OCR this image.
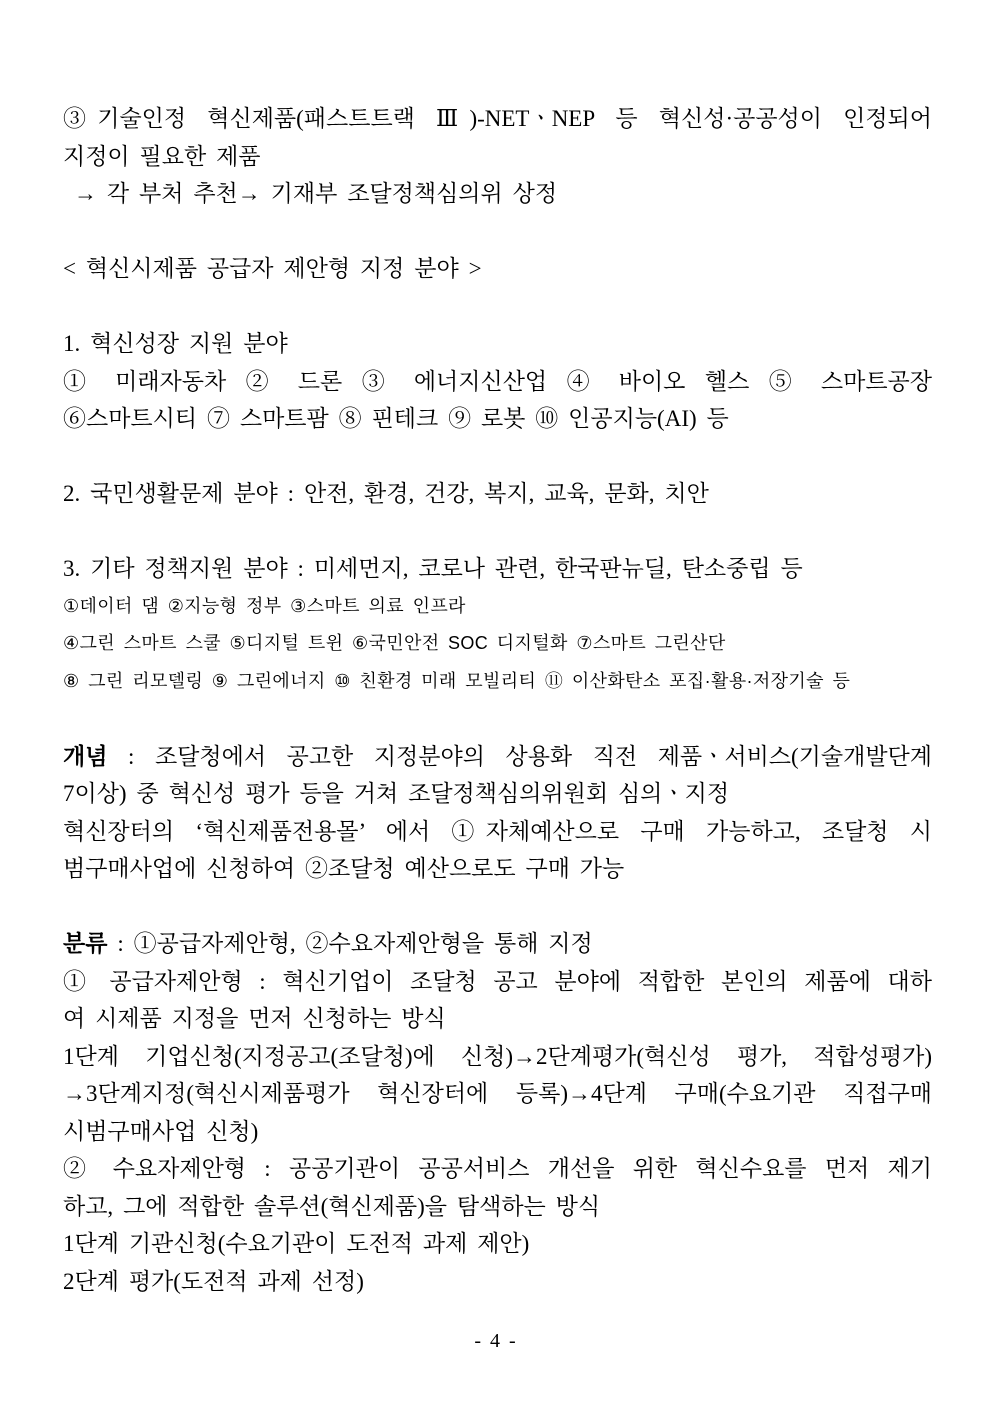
③기술인정 혁신제품(패스트트랙 Ⅲ)-NETㆍNEP 등 혁신성·공공성이 인정되어
지정이 필요한 제품
→ 각 부처 추천→ 기재부 조달정책심의위 상정
< 혁신시제품 공급자 제안형 지정 분야 >
1. 혁신성장 지원 분야
① 미래자동차 ② 드론 ③ 에너지신산업 ④ 바이오 헬스 ⑤ 스마트공장
⑥스마트시티 ⑦ 스마트팜 ⑧ 핀테크 ⑨ 로봇 ⑩ 인공지능(AI) 등
2. 국민생활문제 분야 : 안전, 환경, 건강, 복지, 교육, 문화, 치안
3. 기타 정책지원 분야 : 미세먼지, 코로나 관련, 한국판뉴딜, 탄소중립 등
①데이터 댐 ②지능형 정부 ③스마트 의료 인프라
④그린 스마트 스쿨 ⑤디지털 트윈 ⑥국민안전 SOC 디지털화 ⑦스마트 그린산단
⑧ 그린 리모델링 ⑨ 그린에너지 ⑩ 친환경 미래 모빌리티 ⑪ 이산화탄소 포집·활용·저장기술 등
개념 : 조달청에서 공고한 지정분야의 상용화 직전 제품ㆍ서비스(기술개발단계
7이상) 중 혁신성 평가 등을 거쳐 조달정책심의위원회 심의ㆍ지정
혁신장터의 ‘혁신제품전용몰’ 에서 ①자체예산으로 구매 가능하고, 조달청 시
범구매사업에 신청하여 ②조달청 예산으로도 구매 가능
분류 : ①공급자제안형, ②수요자제안형을 통해 지정
① 공급자제안형 : 혁신기업이 조달청 공고 분야에 적합한 본인의 제품에 대하
여 시제품 지정을 먼저 신청하는 방식
1단계 기업신청(지정공고(조달청)에 신청)→2단계평가(혁신성 평가, 적합성평가)
→3단계지정(혁신시제품평가 혁신장터에 등록)→4단계 구매(수요기관 직접구매
시범구매사업 신청)
② 수요자제안형 : 공공기관이 공공서비스 개선을 위한 혁신수요를 먼저 제기
하고, 그에 적합한 솔루션(혁신제품)을 탐색하는 방식
1단계 기관신청(수요기관이 도전적 과제 제안)
2단계 평가(도전적 과제 선정)
- 4 -
